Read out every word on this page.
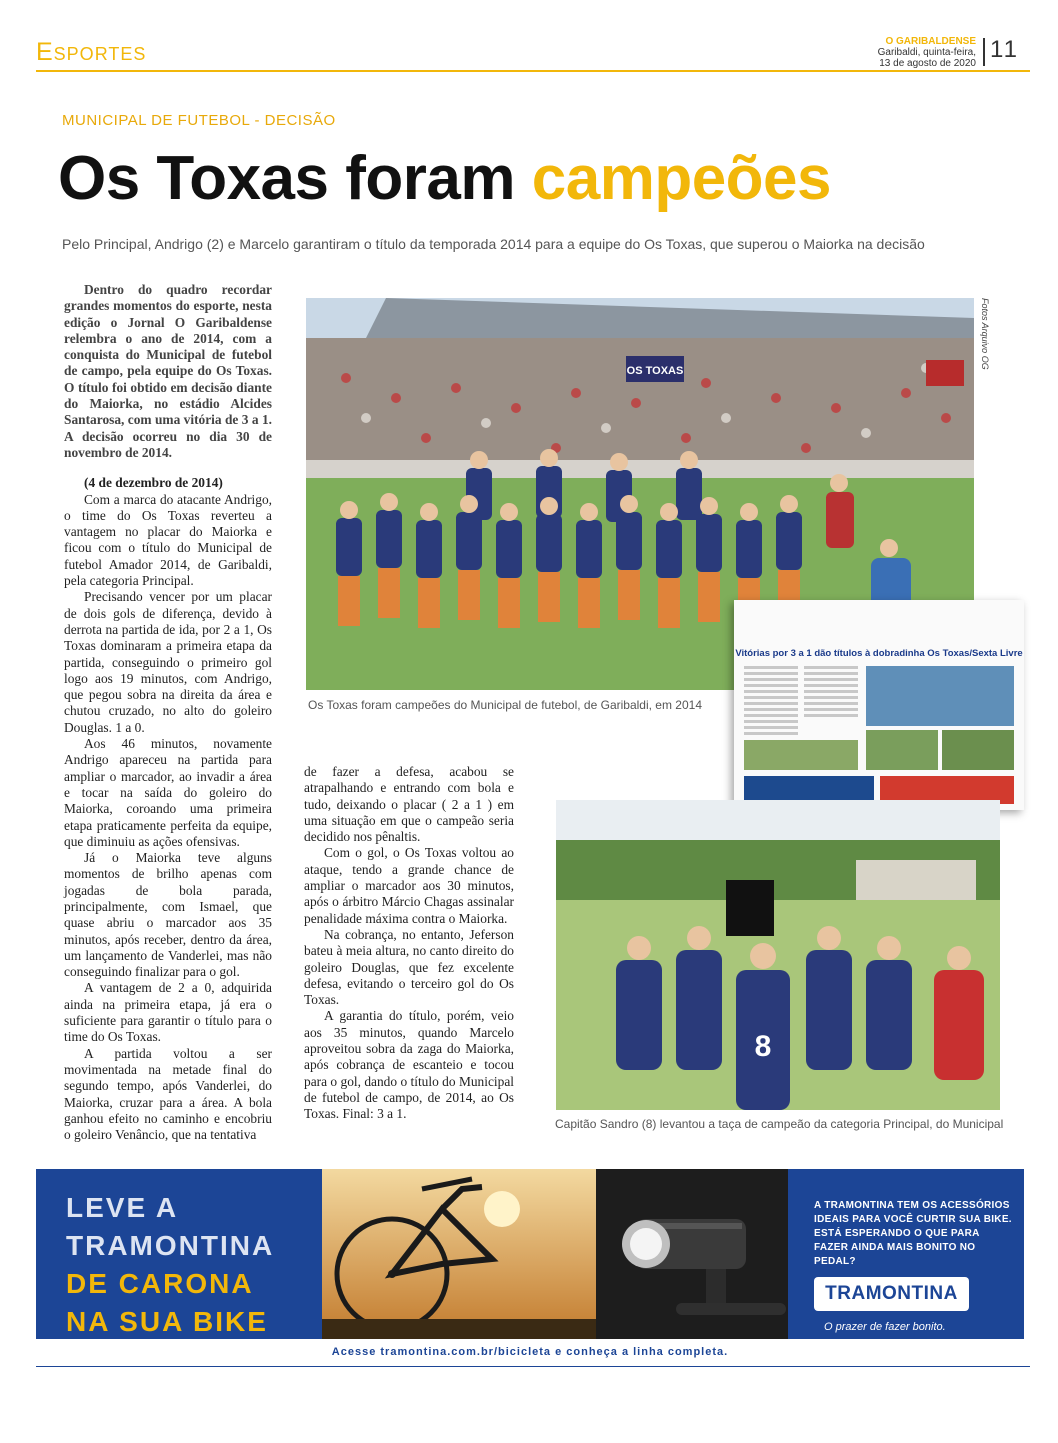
Esportes	O GARIBALDENSE
Garibaldi, quinta-feira,
13 de agosto de 2020
11
MUNICIPAL DE FUTEBOL - DECISÃO
Os Toxas foram campeões
Pelo Principal, Andrigo (2) e Marcelo garantiram o título da temporada 2014 para a equipe do Os Toxas, que superou o Maiorka na decisão

Dentro do quadro recordar grandes momentos do esporte, nesta edição o Jornal O Garibaldense relembra o ano de 2014, com a conquista do Municipal de futebol de campo, pela equipe do Os Toxas. O título foi obtido em decisão diante do Maiorka, no estádio Alcides Santarosa, com uma vitória de 3 a 1. A decisão ocorreu no dia 30 de novembro de 2014.

(4 de dezembro de 2014)

Com a marca do atacante Andrigo, o time do Os Toxas reverteu a vantagem no placar do Maiorka e ficou com o título do Municipal de futebol Amador 2014, de Garibaldi, pela categoria Principal.

Precisando vencer por um placar de dois gols de diferença, devido à derrota na partida de ida, por 2 a 1, Os Toxas dominaram a primeira etapa da partida, conseguindo o primeiro gol logo aos 19 minutos, com Andrigo, que pegou sobra na direita da área e chutou cruzado, no alto do goleiro Douglas. 1 a 0.

Aos 46 minutos, novamente Andrigo apareceu na partida para ampliar o marcador, ao invadir a área e tocar na saída do goleiro do Maiorka, coroando uma primeira etapa praticamente perfeita da equipe, que diminuiu as ações ofensivas.

Já o Maiorka teve alguns momentos de brilho apenas com jogadas de bola parada, principalmente, com Ismael, que quase abriu o marcador aos 35 minutos, após receber, dentro da área, um lançamento de Vanderlei, mas não conseguindo finalizar para o gol.

A vantagem de 2 a 0, adquirida ainda na primeira etapa, já era o suficiente para garantir o título para o time do Os Toxas.

A partida voltou a ser movimentada na metade final do segundo tempo, após Vanderlei, do Maiorka, cruzar para a área. A bola ganhou efeito no caminho e encobriu o goleiro Venâncio, que na tentativa

de fazer a defesa, acabou se atrapalhando e entrando com bola e tudo, deixando o placar ( 2 a 1 ) em uma situação em que o campeão seria decidido nos pênaltis.

Com o gol, o Os Toxas voltou ao ataque, tendo a grande chance de ampliar o marcador aos 30 minutos, após o árbitro Márcio Chagas assinalar penalidade máxima contra o Maiorka.

Na cobrança, no entanto, Jeferson bateu à meia altura, no canto direito do goleiro Douglas, que fez excelente defesa, evitando o terceiro gol do Os Toxas.

A garantia do título, porém, veio aos 35 minutos, quando Marcelo aproveitou sobra da zaga do Maiorka, após cobrança de escanteio e tocou para o gol, dando o título do Municipal de futebol de campo, de 2014, ao Os Toxas. Final: 3 a 1.

OS TOXAS
Fotos Arquivo OG
Vitórias por 3 a 1 dão títulos à dobradinha Os Toxas/Sexta Livre
Os Toxas foram campeões do Municipal de futebol, de Garibaldi, em 2014
8
Capitão Sandro (8) levantou a taça de campeão da categoria Principal, do Municipal
LEVE A
TRAMONTINA
DE CARONA
NA SUA BIKE
A TRAMONTINA TEM OS ACESSÓRIOS IDEAIS PARA VOCÊ CURTIR SUA BIKE. ESTÁ ESPERANDO O QUE PARA FAZER AINDA MAIS BONITO NO PEDAL?
TRAMONTINA
O prazer de fazer bonito.
Acesse tramontina.com.br/bicicleta e conheça a linha completa.
